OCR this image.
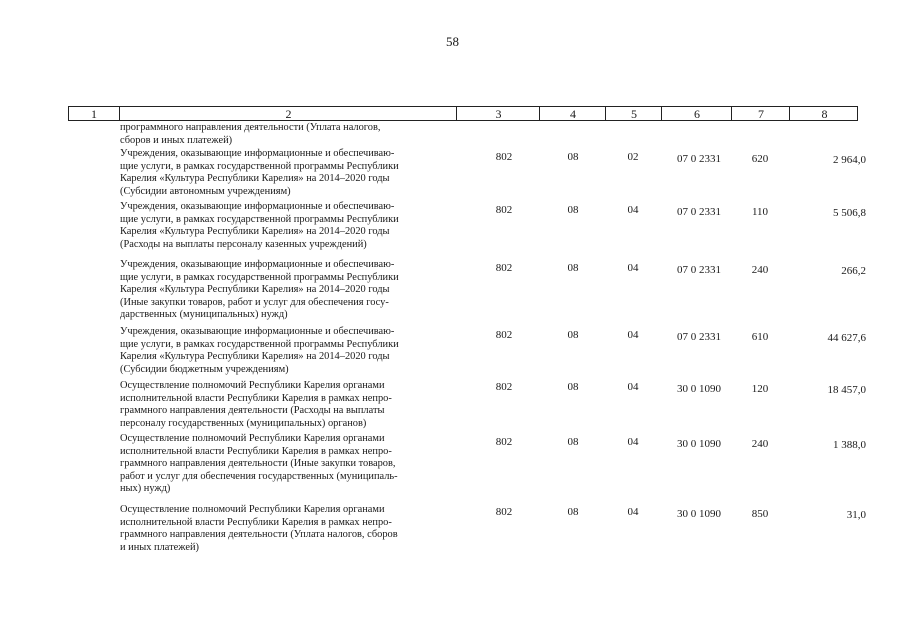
58
1	2	3	4	5	6	7	8
программного направления деятельности (Уплата налогов,
сборов и иных платежей)
Учреждения, оказывающие информационные и обеспечиваю-
щие услуги, в рамках государственной программы Республики
Карелия «Культура Республики Карелия» на 2014–2020 годы
(Субсидии автономным учреждениям)
802	08	02	07 0 2331	620	2 964,0
Учреждения, оказывающие информационные и обеспечиваю-
щие услуги, в рамках государственной программы Республики
Карелия «Культура Республики Карелия» на 2014–2020 годы
(Расходы на выплаты персоналу казенных учреждений)
802	08	04	07 0 2331	110	5 506,8
Учреждения, оказывающие информационные и обеспечиваю-
щие услуги, в рамках государственной программы Республики
Карелия «Культура Республики Карелия» на 2014–2020 годы
(Иные закупки товаров, работ и услуг для обеспечения госу-
дарственных (муниципальных) нужд)
802	08	04	07 0 2331	240	266,2
Учреждения, оказывающие информационные и обеспечиваю-
щие услуги, в рамках государственной программы Республики
Карелия «Культура Республики Карелия» на 2014–2020 годы
(Субсидии бюджетным учреждениям)
802	08	04	07 0 2331	610	44 627,6
Осуществление полномочий Республики Карелия органами
исполнительной власти Республики Карелия в рамках непро-
граммного направления деятельности (Расходы на выплаты
персоналу государственных (муниципальных) органов)
802	08	04	30 0 1090	120	18 457,0
Осуществление полномочий Республики Карелия органами
исполнительной власти Республики Карелия в рамках непро-
граммного направления деятельности (Иные закупки товаров,
работ и услуг для обеспечения государственных (муниципаль-
ных) нужд)
802	08	04	30 0 1090	240	1 388,0
Осуществление полномочий Республики Карелия органами
исполнительной власти Республики Карелия в рамках непро-
граммного направления деятельности (Уплата налогов, сборов
и иных платежей)
802	08	04	30 0 1090	850	31,0
